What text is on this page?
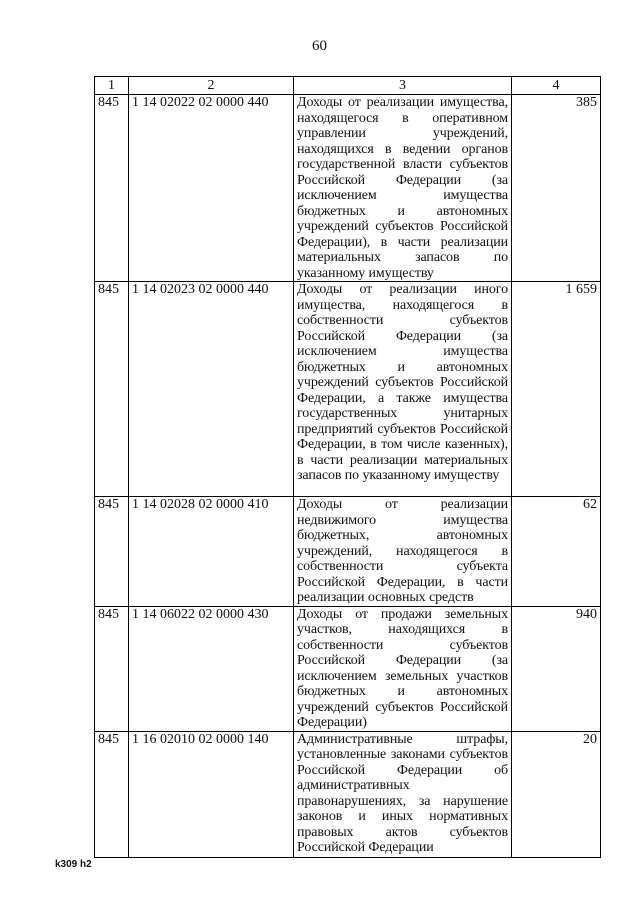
60
1	2	3	4
845	1 14 02022 02 0000 440	Доходы от реализации имущества, находящегося в оперативном управлении учреждений, находящихся в ведении органов государственной власти субъектов Российской Федерации (за исключением имущества бюджетных и автономных учреждений субъектов Российской Федерации), в части реализации материальных запасов по указанному имуществу	385
845	1 14 02023 02 0000 440	Доходы от реализации иного имущества, находящегося в собственности субъектов Российской Федерации (за исключением имущества бюджетных и автономных учреждений субъектов Российской Федерации, а также имущества государственных унитарных предприятий субъектов Российской Федерации, в том числе казенных), в части реализации материальных запасов по указанному имуществу	1 659
845	1 14 02028 02 0000 410	Доходы от реализации недвижимого имущества бюджетных, автономных учреждений, находящегося в собственности субъекта Российской Федерации, в части реализации основных средств	62
845	1 14 06022 02 0000 430	Доходы от продажи земельных участков, находящихся в собственности субъектов Российской Федерации (за исключением земельных участков бюджетных и автономных учреждений субъектов Российской Федерации)	940
845	1 16 02010 02 0000 140	Административные штрафы, установленные законами субъектов Российской Федерации об административных правонарушениях, за нарушение законов и иных нормативных правовых актов субъектов Российской Федерации	20
k309 h2
